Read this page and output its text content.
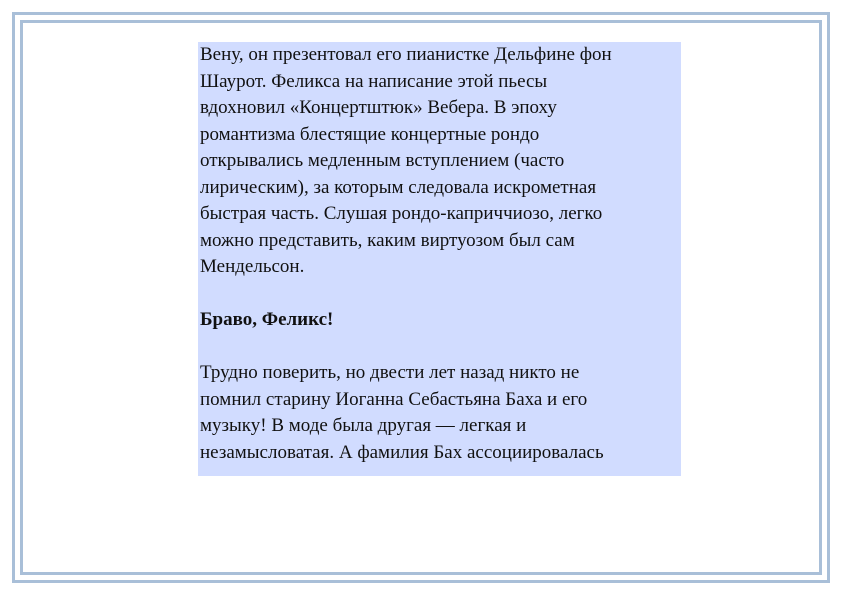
Вену, он презентовал его пианистке Дельфине фон
Шаурот. Феликса на написание этой пьесы
вдохновил «Концертштюк» Вебера. В эпоху
романтизма блестящие концертные рондо
открывались медленным вступлением (часто
лирическим), за которым следовала искрометная
быстрая часть. Слушая рондо-каприччиозо, легко
можно представить, каким виртуозом был сам
Мендельсон.
Браво, Феликс!
Трудно поверить, но двести лет назад никто не
помнил старину Иоганна Себастьяна Баха и его
музыку! В моде была другая — легкая и
незамысловатая. А фамилия Бах ассоциировалась
